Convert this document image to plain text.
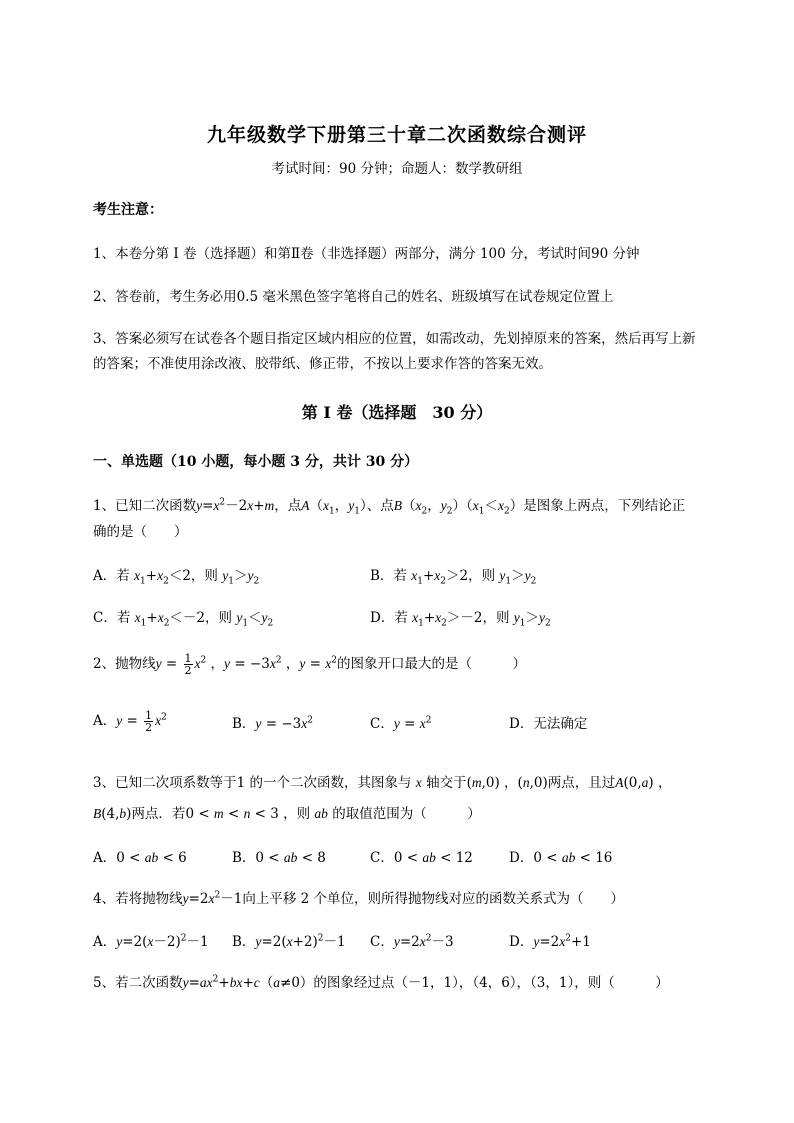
九年级数学下册第三十章二次函数综合测评
考试时间：90 分钟；命题人：数学教研组
考生注意：
1、本卷分第 I 卷（选择题）和第Ⅱ卷（非选择题）两部分，满分 100 分，考试时间90 分钟
2、答卷前，考生务必用0.5 毫米黑色签字笔将自己的姓名、班级填写在试卷规定位置上
3、答案必须写在试卷各个题目指定区域内相应的位置，如需改动，先划掉原来的答案，然后再写上新
的答案；不准使用涂改液、胶带纸、修正带，不按以上要求作答的答案无效。
第 I 卷（选择题　30 分）
一、单选题（10 小题，每小题 3 分，共计 30 分）
1、已知二次函数$y=x^2-2x+m$，点$A(x_1$，$y_1$）、点$B(x_2$，$y_2)(x_1<x_2)$是图象上两点，下列结论正
确的是（　　）
A．若 $x_1+x_2<2$，则 $y_1>y_2$	B．若 $x_1+x_2>2$，则 $y_1>y_2$
C．若 $x_1+x_2<-2$，则 $y_1<y_2$	D．若 $x_1+x_2>-2$，则 $y_1>y_2$
2、抛物线$y = \frac{1}{2} x^2$ ，$y = -3x^2$ ，$y = x^2$的图象开口最大的是（　　　）
A．$y = \frac{1}{2} x^2$	B．$y = -3x^2$	C．$y = x^2$	D．无法确定
3、已知二次项系数等于1 的一个二次函数，其图象与 x 轴交于(m,0) ，(n,0)两点，且过A(0,a) ，
B(4,b)两点．若0 < m < n < 3 ，则 ab 的取值范围为（　　　）
A．0 < ab < 6	B．0 < ab < 8	C．0 < ab < 12	D．0 < ab < 16
4、若将抛物线$y=2x^2-1$向上平移 2 个单位，则所得抛物线对应的函数关系式为（　　）
A．$y=2(x-2)^2-1$ B．$y=2(x+2)^2-1$ C．$y=2x^2-3$	D．$y=2x^2+1$
5、若二次函数$y=ax^2+bx+c(a\ne 0)$的图象经过点（－1，1），（4，6），（3，1），则（　　　）
